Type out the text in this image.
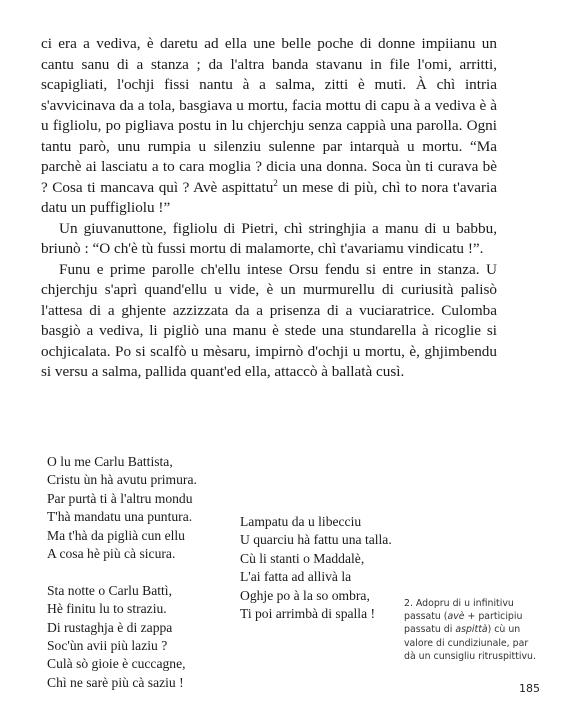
ci era a vediva, è daretu ad ella une belle poche di donne impiianu un cantu sanu di a stanza ; da l'altra banda stavanu in file l'omi, arritti, scapigliati, l'ochji fissi nantu à a salma, zitti è muti. À chì intria s'avvicinava da a tola, basgiava u mortu, facia mottu di capu à a vediva è à u figliolu, po pigliava postu in lu chjerchju senza cappià una parolla. Ogni tantu parò, unu rumpia u silenziu sulenne par intarquà u mortu. “Ma parchè ai lasciatu a to cara moglia ? dicia una donna. Soca ùn ti curava bè ? Cosa ti mancava quì ? Avè aspittatu$^2$ un mese di più, chì to nora t'avaria datu un puffigliolu !”

Un giuvanuttone, figliolu di Pietri, chì stringhjia a manu di u babbu, briunò : “O ch'è tù fussi mortu di malamorte, chì t'avariamu vindicatu !”.

Funu e prime parolle ch'ellu intese Orsu fendu si entre in stanza. U chjerchju s'aprì quand'ellu u vide, è un murmurellu di curiusità palisò l'attesa di a ghjente azzizzata da a prisenza di a vuciaratrice. Culomba basgiò a vediva, li pigliò una manu è stede una stundarella à ricoglie si ochjicalata. Po si scalfò u mèsaru, impirnò d'ochji u mortu, è, ghjimbendu si versu a salma, pallida quant'ed ella, attaccò à ballatà cusì.

O lu me Carlu Battista,
Cristu ùn hà avutu primura.
Par purtà ti à l'altru mondu
T'hà mandatu una puntura.
Ma t'hà da piglià cun ellu
A cosa hè più cà sicura.
Sta notte o Carlu Battì,
Hè finitu lu to straziu.
Di rustaghja è di zappa
Soc'ùn avii più laziu ?
Culà sò gioie è cuccagne,
Chì ne sarè più cà saziu !
Lampatu da u libecciu
U quarciu hà fattu una talla.
Cù li stanti o Maddalè,
L'ai fatta ad allivà la
Oghje po à la so ombra,
Ti poi arrimbà di spalla !
2. Adopru di u infinitivu passatu (avè + participiu passatu di aspittà) cù un valore di cundiziunale, par dà un cunsigliu ritruspittivu.
185
